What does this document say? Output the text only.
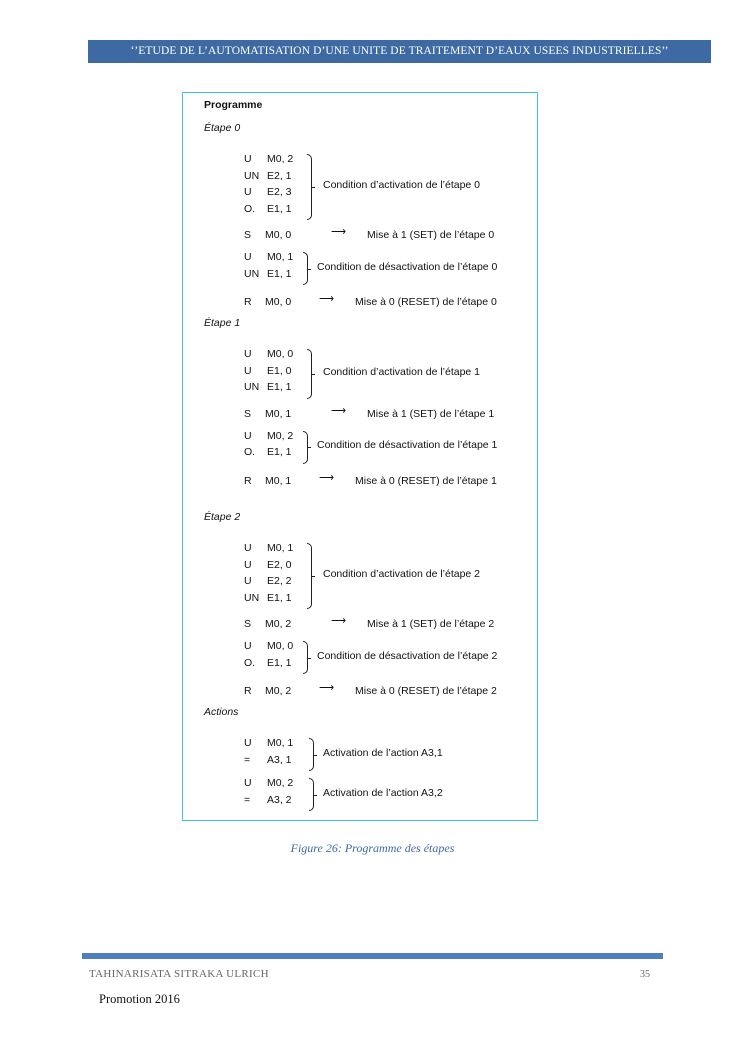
‘’ETUDE DE L’AUTOMATISATION D’UNE UNITE DE TRAITEMENT D’EAUX USEES INDUSTRIELLES’’
Programme
Étape 0
U M0, 2
UN E2, 1
U E2, 3
O. E1, 1
Condition d’activation de l’étape 0
S M0, 0	⟶ Mise à 1 (SET) de l’étape 0
U M0, 1
UN E1, 1
Condition de désactivation de l’étape 0
R M0, 0	⟶ Mise à 0 (RESET) de l’étape 0
Étape 1
U M0, 0
U E1, 0
UN E1, 1
Condition d’activation de l’étape 1
S M0, 1	⟶ Mise à 1 (SET) de l’étape 1
U M0, 2
O. E1, 1
Condition de désactivation de l’étape 1
R M0, 1	⟶ Mise à 0 (RESET) de l’étape 1
Étape 2
U M0, 1
U E2, 0
U E2, 2
UN E1, 1
Condition d’activation de l’étape 2
S M0, 2	⟶ Mise à 1 (SET) de l’étape 2
U M0, 0
O. E1, 1
Condition de désactivation de l’étape 2
R M0, 2	⟶ Mise à 0 (RESET) de l’étape 2
Actions
U M0, 1
= A3, 1
Activation de l’action A3,1
U M0, 2
= A3, 2
Activation de l’action A3,2
Figure 26: Programme des étapes
TAHINARISATA SITRAKA ULRICH	35
Promotion 2016
